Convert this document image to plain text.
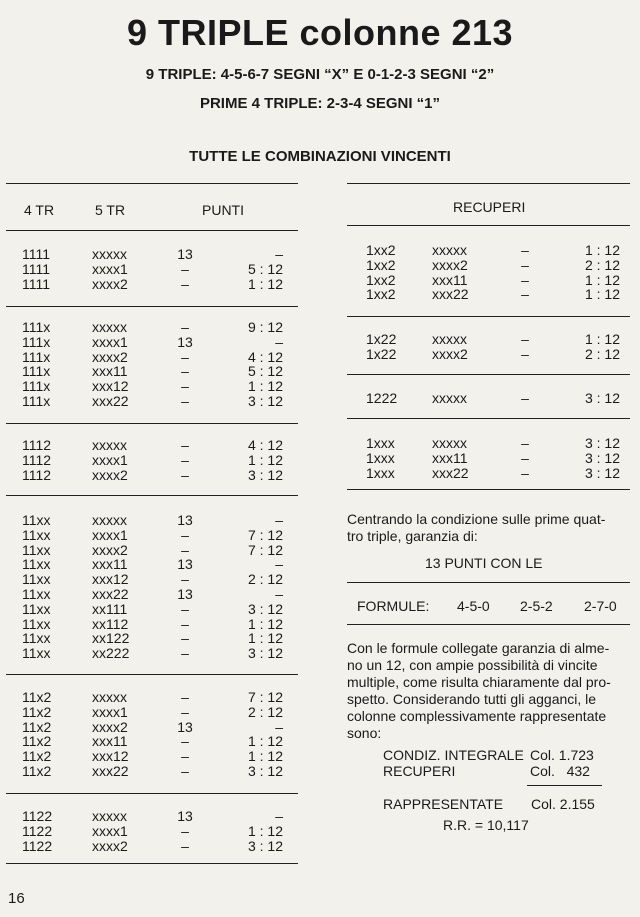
9 TRIPLE colonne 213
9 TRIPLE: 4-5-6-7 SEGNI “X” E 0-1-2-3 SEGNI “2”
PRIME 4 TRIPLE: 2-3-4 SEGNI “1”
TUTTE LE COMBINAZIONI VINCENTI
4 TR	5 TR	PUNTI
1111	xxxxx	13	–
1111	xxxx1	–	5 : 12
1111	xxxx2	–	1 : 12
111x	xxxxx	–	9 : 12
111x	xxxx1	13	–
111x	xxxx2	–	4 : 12
111x	xxx11	–	5 : 12
111x	xxx12	–	1 : 12
111x	xxx22	–	3 : 12
1112	xxxxx	–	4 : 12
1112	xxxx1	–	1 : 12
1112	xxxx2	–	3 : 12
11xx	xxxxx	13	–
11xx	xxxx1	–	7 : 12
11xx	xxxx2	–	7 : 12
11xx	xxx11	13	–
11xx	xxx12	–	2 : 12
11xx	xxx22	13	–
11xx	xx111	–	3 : 12
11xx	xx112	–	1 : 12
11xx	xx122	–	1 : 12
11xx	xx222	–	3 : 12
11x2	xxxxx	–	7 : 12
11x2	xxxx1	–	2 : 12
11x2	xxxx2	13	–
11x2	xxx11	–	1 : 12
11x2	xxx12	–	1 : 12
11x2	xxx22	–	3 : 12
1122	xxxxx	13	–
1122	xxxx1	–	1 : 12
1122	xxxx2	–	3 : 12
RECUPERI
1xx2	xxxxx	–	1 : 12
1xx2	xxxx2	–	2 : 12
1xx2	xxx11	–	1 : 12
1xx2	xxx22	–	1 : 12
1x22	xxxxx	–	1 : 12
1x22	xxxx2	–	2 : 12
1222 xxxxx	–	3 : 12
1xxx	xxxxx	–	3 : 12
1xxx	xxx11	–	3 : 12
1xxx	xxx22	–	3 : 12
Centrando la condizione sulle prime quat-
tro triple, garanzia di:
13 PUNTI CON LE
FORMULE: 4-5-0 2-5-2 2-7-0
Con le formule collegate garanzia di alme-
no un 12, con ampie possibilità di vincite
multiple, come risulta chiaramente dal pro-
spetto. Considerando tutti gli agganci, le
colonne complessivamente rappresentate
sono:
CONDIZ. INTEGRALE Col. 1.723
RECUPERI	Col.   432
RAPPRESENTATE Col. 2.155
R.R. = 10,117
16
